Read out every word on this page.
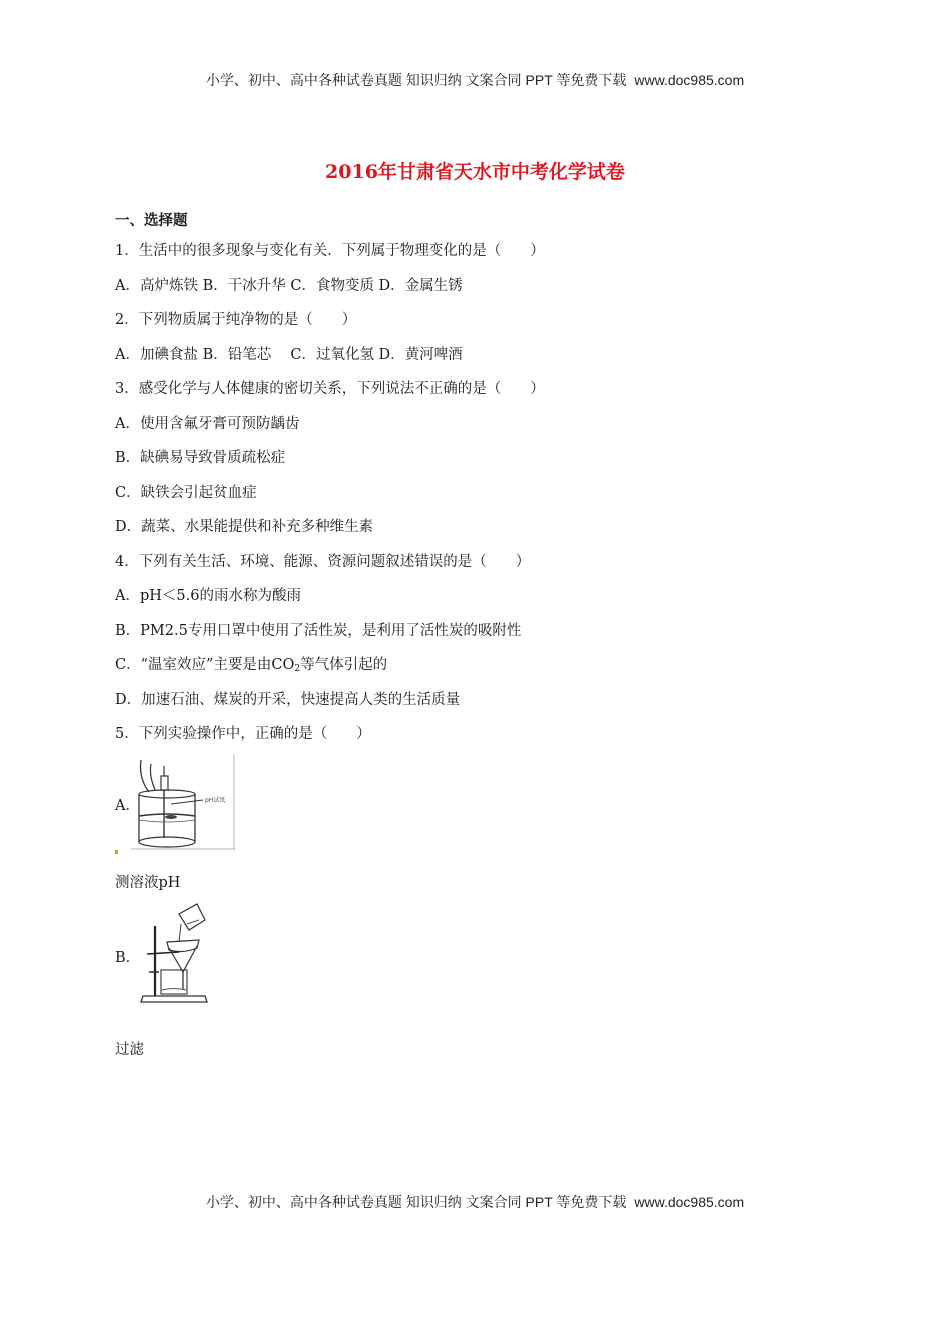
小学、初中、高中各种试卷真题 知识归纳 文案合同 PPT 等免费下载 www.doc985.com
2016年甘肃省天水市中考化学试卷
一、选择题
1．生活中的很多现象与变化有关．下列属于物理变化的是（　　）
A．高炉炼铁 B．干冰升华 C．食物变质 D．金属生锈
2．下列物质属于纯净物的是（　　）
A．加碘食盐 B．铅笔芯　 C．过氧化氢 D．黄河啤酒
3．感受化学与人体健康的密切关系，下列说法不正确的是（　　）
A．使用含氟牙膏可预防龋齿
B．缺碘易导致骨质疏松症
C．缺铁会引起贫血症
D．蔬菜、水果能提供和补充多种维生素
4．下列有关生活、环境、能源、资源问题叙述错误的是（　　）
A．pH＜5.6的雨水称为酸雨
B．PM2.5专用口罩中使用了活性炭，是利用了活性炭的吸附性
C．“温室效应”主要是由$CO_2$等气体引起的
D．加速石油、煤炭的开采，快速提高人类的生活质量
5．下列实验操作中，正确的是（　　）
A．	pH试纸
测溶液pH
B．
过滤
小学、初中、高中各种试卷真题 知识归纳 文案合同 PPT 等免费下载 www.doc985.com
